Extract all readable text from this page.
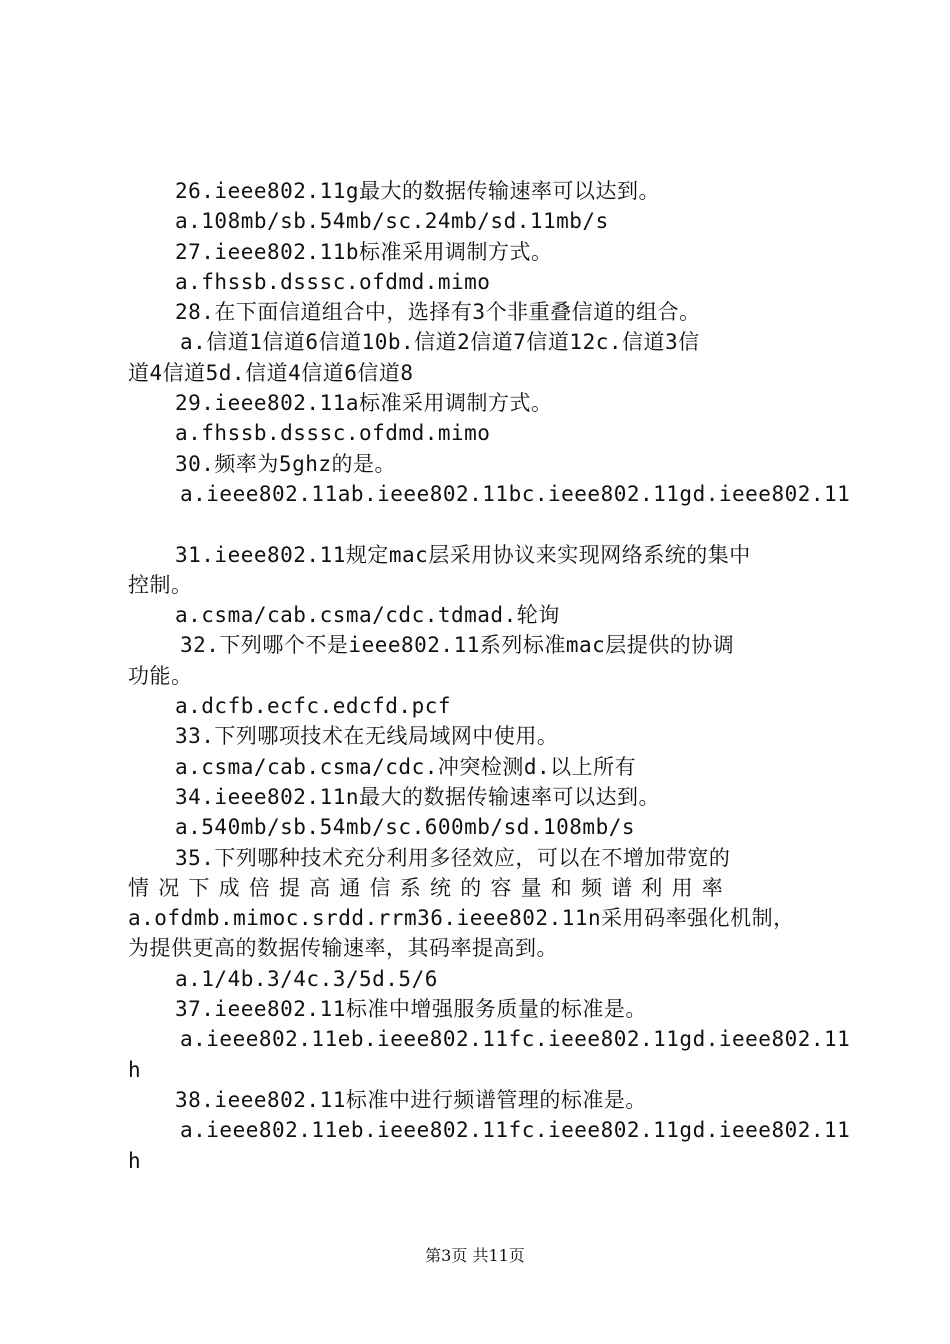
26.ieee802.11g最大的数据传输速率可以达到。
a.108mb/sb.54mb/sc.24mb/sd.11mb/s
27.ieee802.11b标准采用调制方式。
a.fhssb.dsssc.ofdmd.mimo
28.在下面信道组合中，选择有3个非重叠信道的组合。
a.信道1信道6信道10b.信道2信道7信道12c.信道3信
道4信道5d.信道4信道6信道8
29.ieee802.11a标准采用调制方式。
a.fhssb.dsssc.ofdmd.mimo
30.频率为5ghz的是。
a.ieee802.11ab.ieee802.11bc.ieee802.11gd.ieee802.11
31.ieee802.11规定mac层采用协议来实现网络系统的集中
控制。
a.csma/cab.csma/cdc.tdmad.轮询
32.下列哪个不是ieee802.11系列标准mac层提供的协调
功能。
a.dcfb.ecfc.edcfd.pcf
33.下列哪项技术在无线局域网中使用。
a.csma/cab.csma/cdc.冲突检测d.以上所有
34.ieee802.11n最大的数据传输速率可以达到。
a.540mb/sb.54mb/sc.600mb/sd.108mb/s
35.下列哪种技术充分利用多径效应，可以在不增加带宽的
情况下成倍提高通信系统的容量和频谱利用率
a.ofdmb.mimoc.srdd.rrm36.ieee802.11n采用码率强化机制，
为提供更高的数据传输速率，其码率提高到。
a.1/4b.3/4c.3/5d.5/6
37.ieee802.11标准中增强服务质量的标准是。
a.ieee802.11eb.ieee802.11fc.ieee802.11gd.ieee802.11
h
38.ieee802.11标准中进行频谱管理的标准是。
a.ieee802.11eb.ieee802.11fc.ieee802.11gd.ieee802.11
h
第3页 共11页
